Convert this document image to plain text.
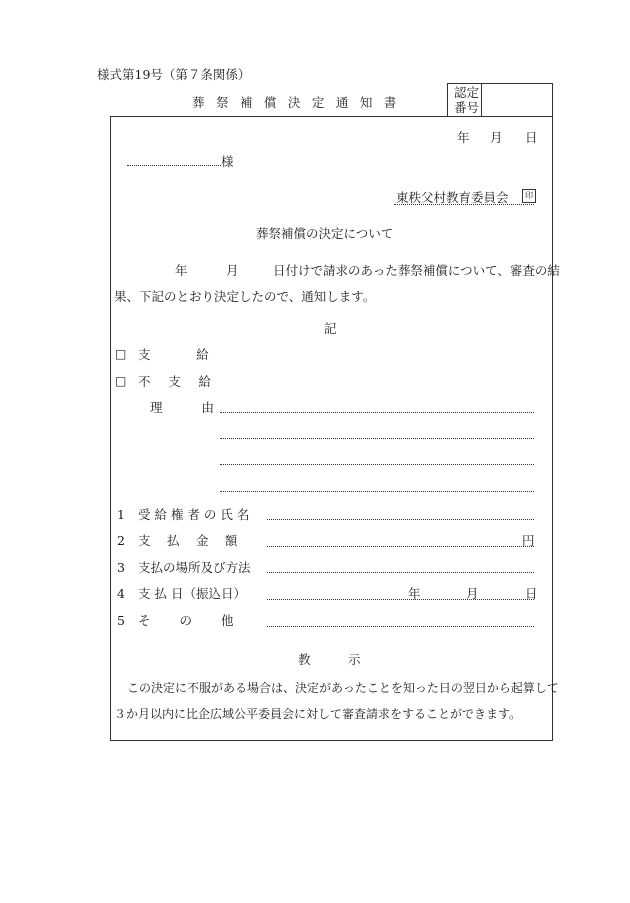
様式第19号（第７条関係）
葬 祭 補 償 決 定 通 知 書
認定
番号
年 月 日
様
東秩父村教育委員会	印
葬祭補償の決定について
年	月	日付けで請求のあった葬祭補償について、審査の結
果、下記のとおり決定したので、通知します。
記
□ 支　　給
□ 不 支 給
理　 由
1 受 給 権 者 の 氏 名
2 支　 払 　金　 額	円
3 支払の場所及び方法
4 支 払 日（振込日）	年	月	日
5 そ　　 の　 　他
教　　　示
この決定に不服がある場合は、決定があったことを知った日の翌日から起算して
３か月以内に比企広域公平委員会に対して審査請求をすることができます。
